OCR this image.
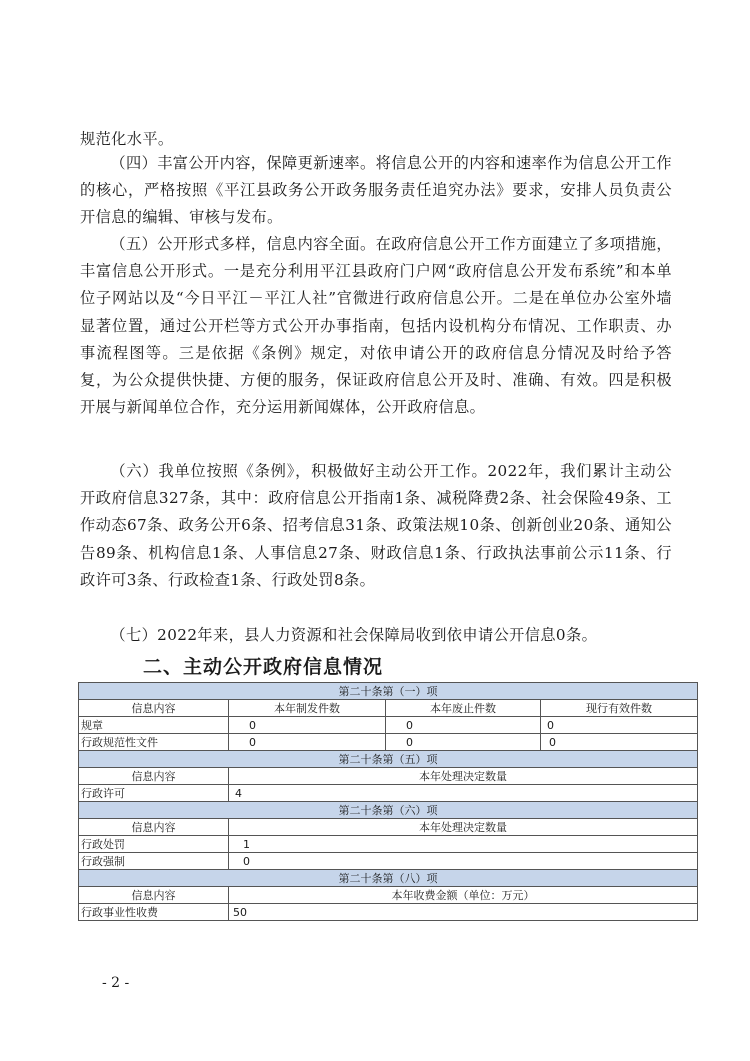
规范化水平。

（四）丰富公开内容，保障更新速率。将信息公开的内容和速率作为信息公开工作的核心，严格按照《平江县政务公开政务服务责任追究办法》要求，安排人员负责公开信息的编辑、审核与发布。

（五）公开形式多样，信息内容全面。在政府信息公开工作方面建立了多项措施，丰富信息公开形式。一是充分利用平江县政府门户网“政府信息公开发布系统”和本单位子网站以及“今日平江－平江人社”官微进行政府信息公开。二是在单位办公室外墙显著位置，通过公开栏等方式公开办事指南，包括内设机构分布情况、工作职责、办事流程图等。三是依据《条例》规定，对依申请公开的政府信息分情况及时给予答复，为公众提供快捷、方便的服务，保证政府信息公开及时、准确、有效。四是积极开展与新闻单位合作，充分运用新闻媒体，公开政府信息。

（六）我单位按照《条例》，积极做好主动公开工作。2022年，我们累计主动公开政府信息327条，其中：政府信息公开指南1条、减税降费2条、社会保险49条、工作动态67条、政务公开6条、招考信息31条、政策法规10条、创新创业20条、通知公告89条、机构信息1条、人事信息27条、财政信息1条、行政执法事前公示11条、行政许可3条、行政检查1条、行政处罚8条。

（七）2022年来，县人力资源和社会保障局收到依申请公开信息0条。

二、主动公开政府信息情况
第二十条第（一）项			
信息内容	本年制发件数	本年废止件数	现行有效件数
规章	0	0	0
行政规范性文件	0	0	0
第二十条第（五）项			
信息内容	本年处理决定数量		
行政许可	4		
第二十条第（六）项			
信息内容	本年处理决定数量		
行政处罚	1		
行政强制	0		
第二十条第（八）项			
信息内容	本年收费金额（单位：万元）		
行政事业性收费	50		
- 2 -
